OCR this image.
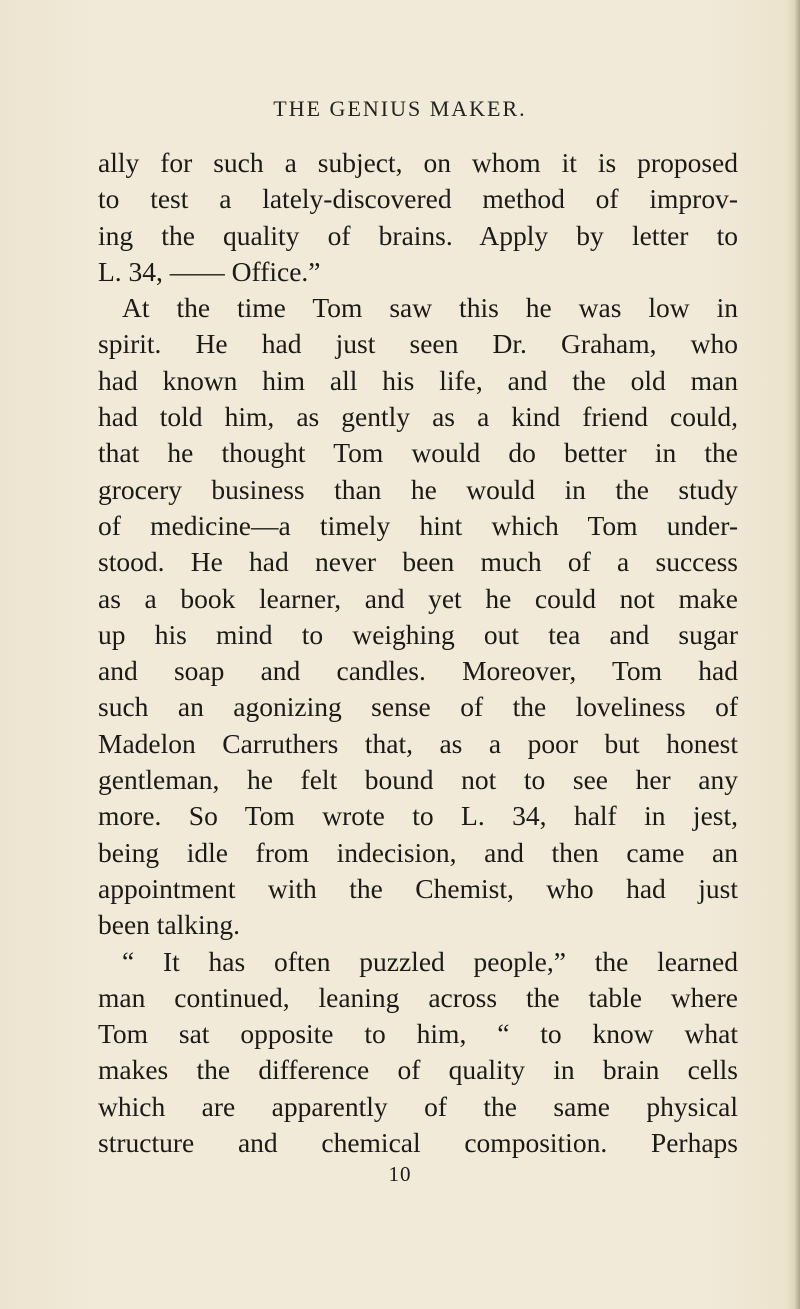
THE GENIUS MAKER.
ally for such a subject, on whom it is proposed
to test a lately-discovered method of improv-
ing the quality of brains. Apply by letter to
L. 34, —— Office.”
At the time Tom saw this he was low in
spirit. He had just seen Dr. Graham, who
had known him all his life, and the old man
had told him, as gently as a kind friend could,
that he thought Tom would do better in the
grocery business than he would in the study
of medicine—a timely hint which Tom under-
stood. He had never been much of a success
as a book learner, and yet he could not make
up his mind to weighing out tea and sugar
and soap and candles. Moreover, Tom had
such an agonizing sense of the loveliness of
Madelon Carruthers that, as a poor but honest
gentleman, he felt bound not to see her any
more. So Tom wrote to L. 34, half in jest,
being idle from indecision, and then came an
appointment with the Chemist, who had just
been talking.
“ It has often puzzled people,” the learned
man continued, leaning across the table where
Tom sat opposite to him, “ to know what
makes the difference of quality in brain cells
which are apparently of the same physical
structure and chemical composition. Perhaps
10
